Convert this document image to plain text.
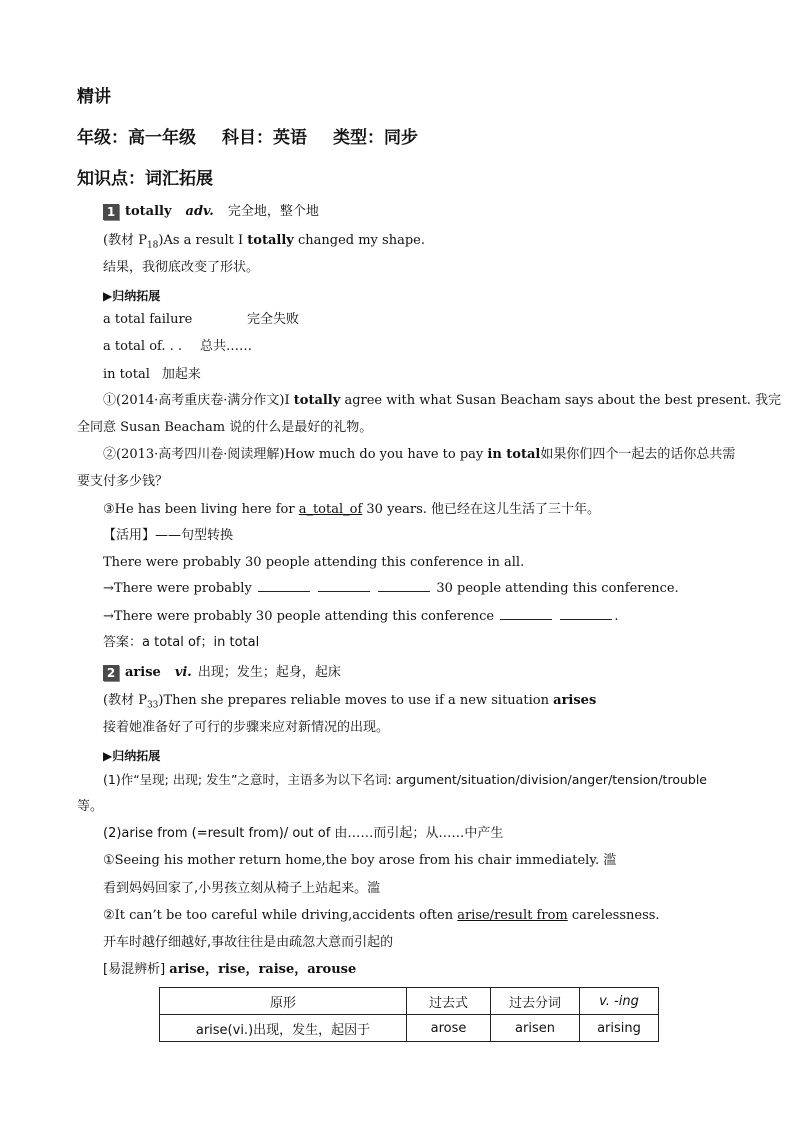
精讲
年级：高一年级 科目：英语 类型：同步
知识点：词汇拓展
1 totally adv. 完全地，整个地
(教材 $P_{18})As$ a result I totally changed my shape.
结果，我彻底改变了形状。
▶归纳拓展
a total failure	完全失败
a total of. . . 总共……
in total 加起来
①(2014·高考重庆卷·满分作文)I totally agree with what Susan Beacham says about the best present. 我完
全同意 Susan Beacham 说的什么是最好的礼物。
②(2013·高考四川卷·阅读理解)How much do you have to pay in total如果你们四个一起去的话你总共需
要支付多少钱？
③He has been living here for a_total_of 30 years. 他已经在这儿生活了三十年。
【活用】——句型转换
There were probably 30 people attending this conference in all.
→There were probably	30 people attending this conference.
→There were probably 30 people attending this conference	.
答案：a total of；in total
2 arise vi. 出现；发生；起身，起床
(教材 $P_{33})Then$ she prepares reliable moves to use if a new situation arises
接着她准备好了可行的步骤来应对新情况的出现。
▶归纳拓展
(1)作“呈现; 出现; 发生”之意时，主语多为以下名词: argument/situation/division/anger/tension/trouble
等。
(2)arise from (=result from)/ out of 由……而引起；从……中产生
①Seeing his mother return home,the boy arose from his chair immediately. 滥
看到妈妈回家了,小男孩立刻从椅子上站起来。滥
②It can’t be too careful while driving,accidents often arise/result from carelessness.
开车时越仔细越好,事故往往是由疏忽大意而引起的
[易混辨析] arise，rise，raise，arouse
原形	过去式	过去分词	v. -ing
arise(vi.)出现，发生，起因于	arose	arisen	arising
